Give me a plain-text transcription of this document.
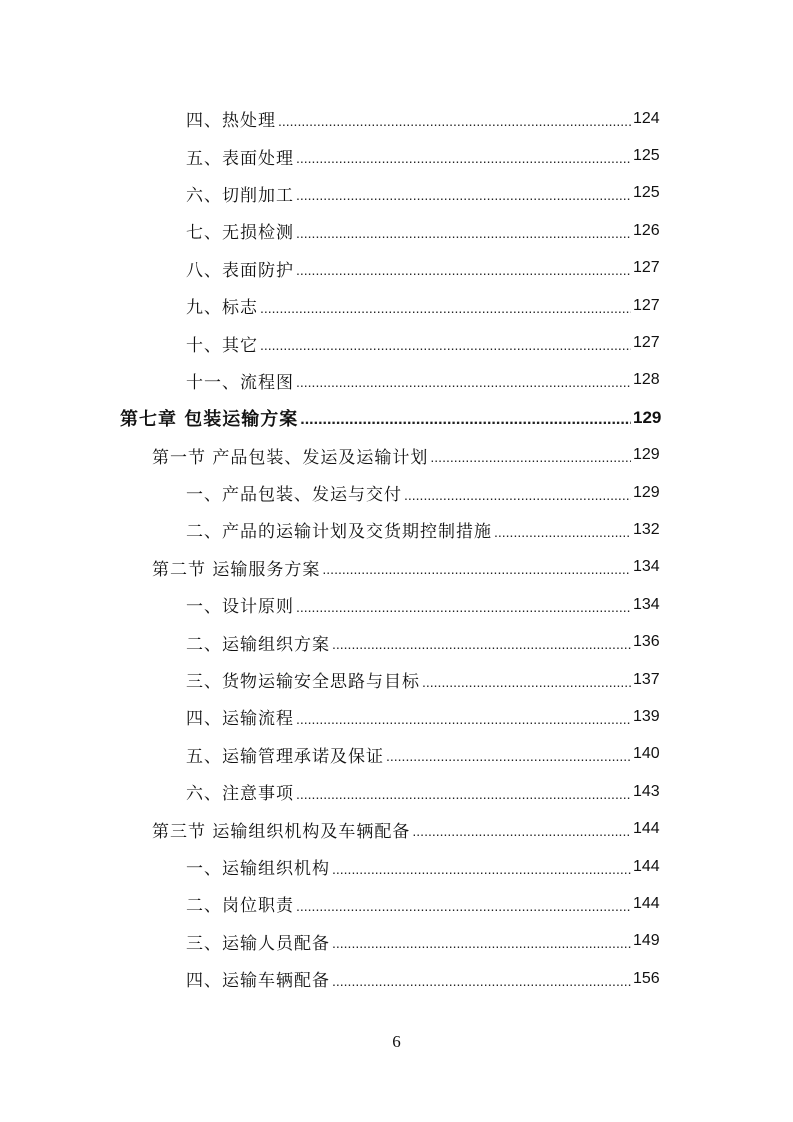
四、热处理 .....	124
五、表面处理 .....	125
六、切削加工 .....	125
七、无损检测 .....	126
八、表面防护 .....	127
九、标志 .....	127
十、其它 .....	127
十一、流程图 .....	128
第七章 包装运输方案 .....	129
第一节 产品包装、发运及运输计划 .....	129
一、产品包装、发运与交付 .....	129
二、产品的运输计划及交货期控制措施 .....	132
第二节 运输服务方案 .....	134
一、设计原则 .....	134
二、运输组织方案 .....	136
三、货物运输安全思路与目标 .....	137
四、运输流程 .....	139
五、运输管理承诺及保证 .....	140
六、注意事项 .....	143
第三节 运输组织机构及车辆配备 .....	144
一、运输组织机构 .....	144
二、岗位职责 .....	144
三、运输人员配备 .....	149
四、运输车辆配备 .....	156
6
